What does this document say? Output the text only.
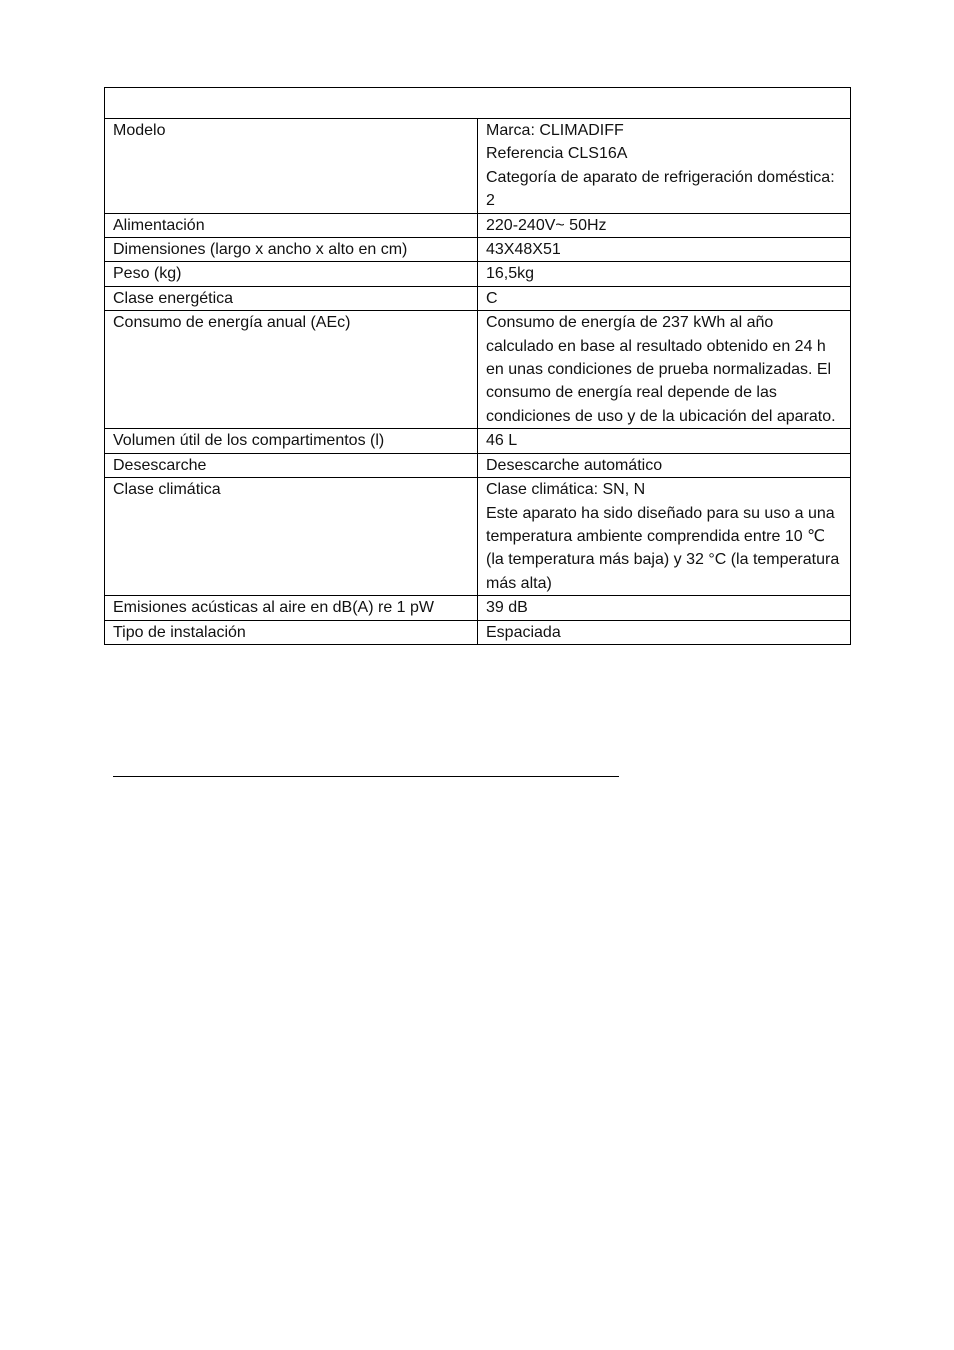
Modelo	Marca: CLIMADIFF
Referencia CLS16A
Categoría de aparato de refrigeración doméstica: 2

Alimentación	220-240V~ 50Hz

Dimensiones (largo x ancho x alto en cm)	43X48X51

Peso (kg)	16,5kg

Clase energética	C

Consumo de energía anual (AEc)	Consumo de energía de 237 kWh al año calculado en base al resultado obtenido en 24 h en unas condiciones de prueba normalizadas. El consumo de energía real depende de las condiciones de uso y de la ubicación del aparato.

Volumen útil de los compartimentos (l)	46 L

Desescarche	Desescarche automático

Clase climática	Clase climática: SN, N
Este aparato ha sido diseñado para su uso a una temperatura ambiente comprendida entre 10 ℃(la temperatura más baja) y 32 °C (la temperatura más alta)

Emisiones acústicas al aire en dB(A) re 1 pW	39 dB

Tipo de instalación	Espaciada
